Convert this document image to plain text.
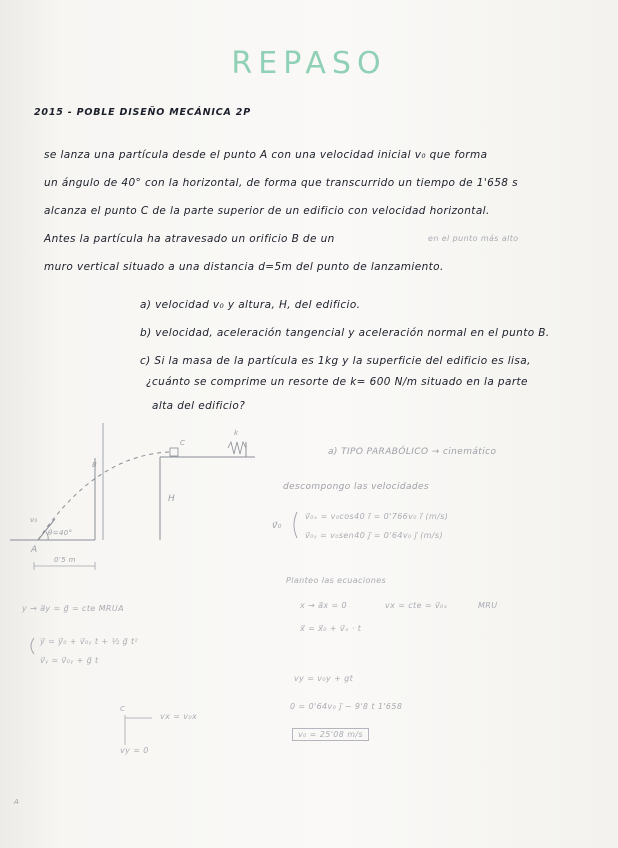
REPASO
2015 - POBLE DISEÑO MECÁNICA 2P
se lanza una partícula desde el punto A con una velocidad inicial v₀ que forma
un ángulo de 40° con la horizontal, de forma que transcurrido un tiempo de 1'658 s
alcanza el punto C de la parte superior de un edificio con velocidad horizontal.
Antes la partícula ha atravesado un orificio B de un	en el punto más alto
muro vertical situado a una distancia d=5m del punto de lanzamiento.
a) velocidad v₀ y altura, H, del edificio.
b) velocidad, aceleración tangencial y aceleración normal en el punto B.
c) Si la masa de la partícula es 1kg y la superficie del edificio es lisa,
¿cuánto se comprime un resorte de k= 600 N/m situado en la parte
alta del edificio?
A
B
C
H
k
v₀
θ=40°
0'5 m
a) TIPO PARABÓLICO → cinemático
descompongo las velocidades
v⃗₀
v⃗₀ₓ = v₀cos40 i⃗ = 0'766v₀ i⃗ (m/s)
v⃗₀ᵧ = v₀sen40 j⃗ = 0'64v₀ j⃗ (m/s)
Planteo las ecuaciones
x → a⃗x = 0	vx = cte = v⃗₀ₓ	MRU
x⃗ = x⃗₀ + v⃗ₓ · t
y → a⃗y = g⃗ = cte MRUA
y⃗ = y⃗₀ + v⃗₀ᵧ t + ½ g⃗ t²
v⃗ᵧ = v⃗₀ᵧ + g⃗ t
vy = v₀y + gt
0 = 0'64v₀ j⃗ − 9'8 t 1'658
v₀ = 25'08 m/s
C
vx = v₀x
vy = 0
A
